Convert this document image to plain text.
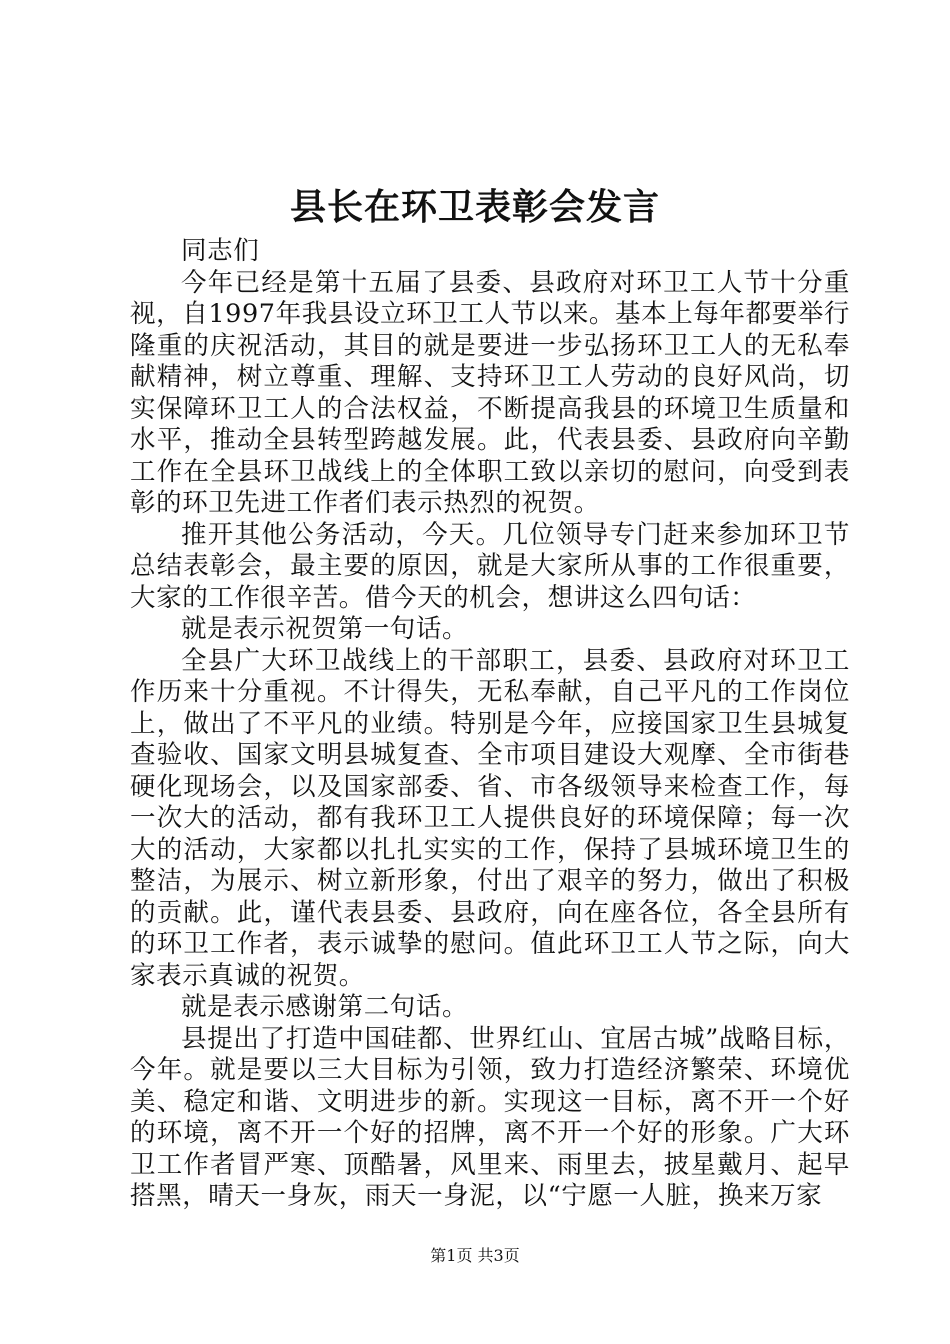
县长在环卫表彰会发言

同志们

今年已经是第十五届了县委、县政府对环卫工人节十分重视，自1997年我县设立环卫工人节以来。基本上每年都要举行隆重的庆祝活动，其目的就是要进一步弘扬环卫工人的无私奉献精神，树立尊重、理解、支持环卫工人劳动的良好风尚，切实保障环卫工人的合法权益，不断提高我县的环境卫生质量和水平，推动全县转型跨越发展。此，代表县委、县政府向辛勤工作在全县环卫战线上的全体职工致以亲切的慰问，向受到表彰的环卫先进工作者们表示热烈的祝贺。

推开其他公务活动，今天。几位领导专门赶来参加环卫节总结表彰会，最主要的原因，就是大家所从事的工作很重要，大家的工作很辛苦。借今天的机会，想讲这么四句话：

就是表示祝贺第一句话。

全县广大环卫战线上的干部职工，县委、县政府对环卫工作历来十分重视。不计得失，无私奉献，自己平凡的工作岗位上，做出了不平凡的业绩。特别是今年，应接国家卫生县城复查验收、国家文明县城复查、全市项目建设大观摩、全市街巷硬化现场会，以及国家部委、省、市各级领导来检查工作，每一次大的活动，都有我环卫工人提供良好的环境保障；每一次大的活动，大家都以扎扎实实的工作，保持了县城环境卫生的整洁，为展示、树立新形象，付出了艰辛的努力，做出了积极的贡献。此，谨代表县委、县政府，向在座各位，各全县所有的环卫工作者，表示诚挚的慰问。值此环卫工人节之际，向大家表示真诚的祝贺。

就是表示感谢第二句话。

县提出了打造中国硅都、世界红山、宜居古城”战略目标，今年。就是要以三大目标为引领，致力打造经济繁荣、环境优美、稳定和谐、文明进步的新。实现这一目标，离不开一个好的环境，离不开一个好的招牌，离不开一个好的形象。广大环卫工作者冒严寒、顶酷暑，风里来、雨里去，披星戴月、起早搭黑，晴天一身灰，雨天一身泥，以“宁愿一人脏，换来万家

第1页 共3页
